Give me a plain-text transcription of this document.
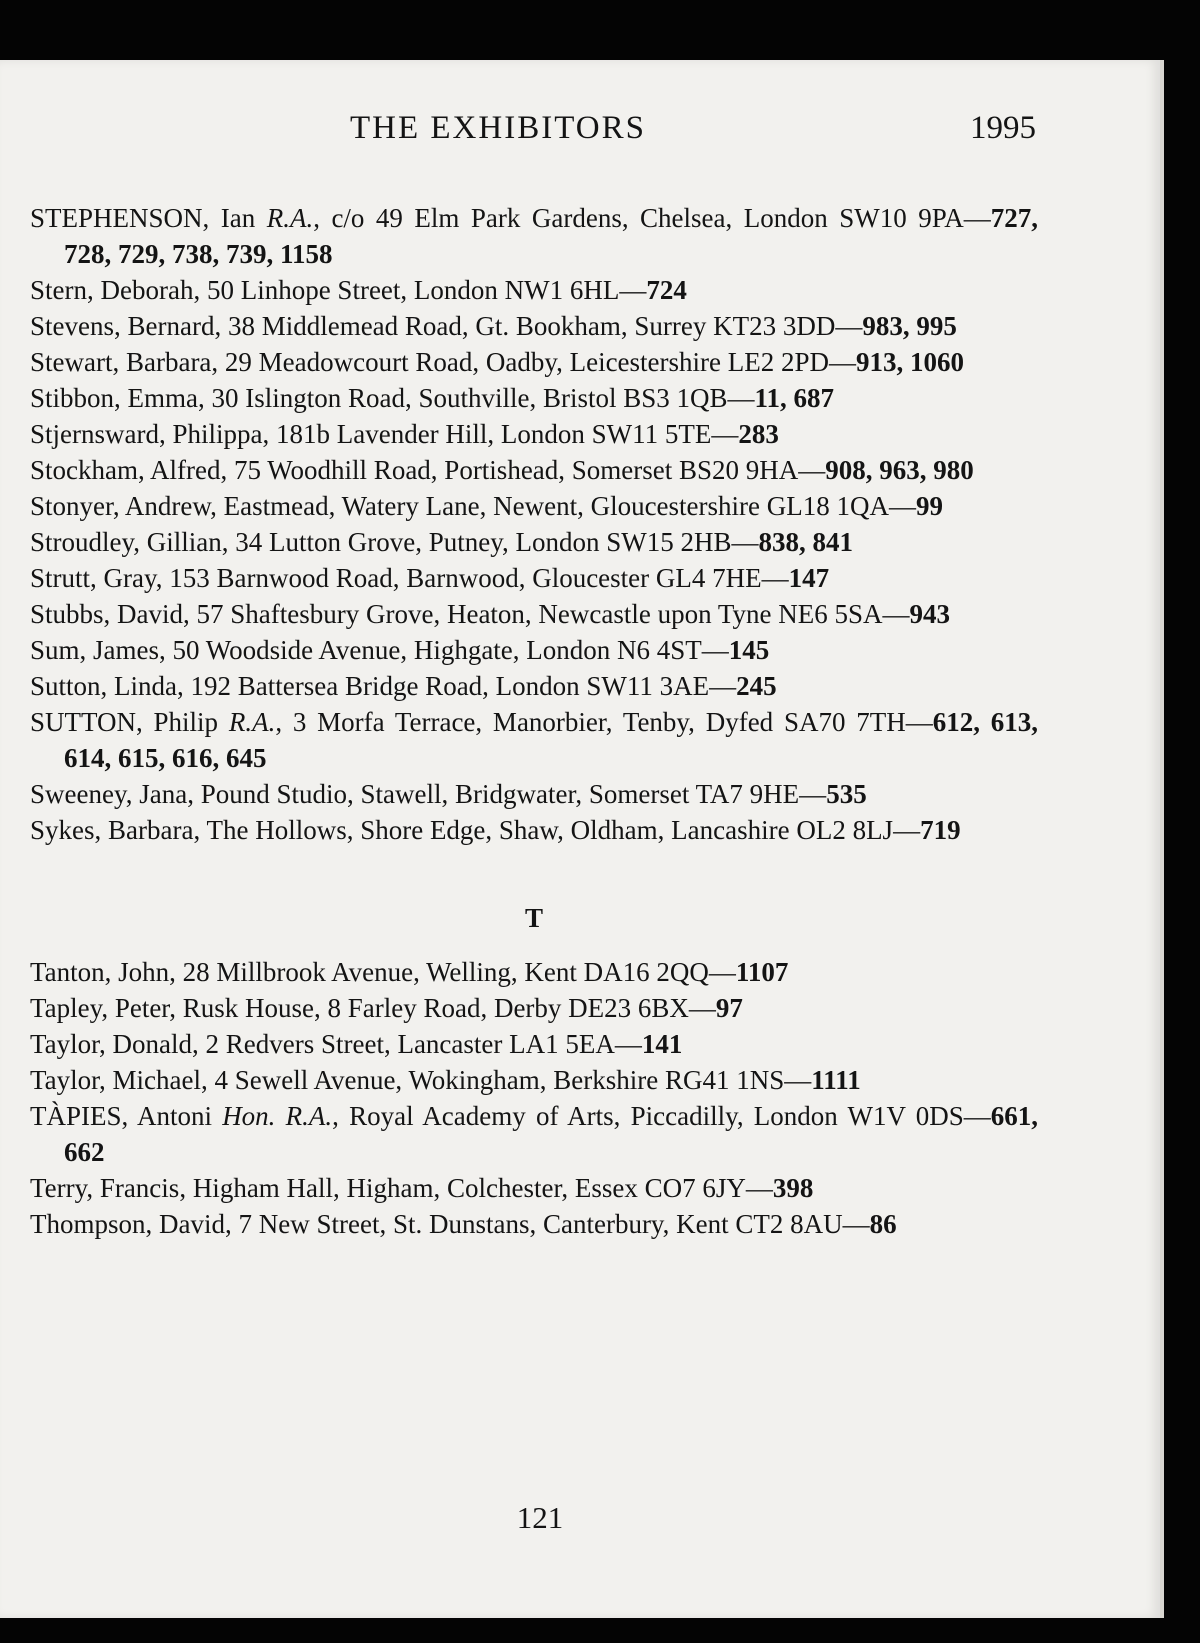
THE EXHIBITORS	1995
STEPHENSON, Ian R.A., c/o 49 Elm Park Gardens, Chelsea, London SW10 9PA—727, 728, 729, 738, 739, 1158
Stern, Deborah, 50 Linhope Street, London NW1 6HL—724
Stevens, Bernard, 38 Middlemead Road, Gt. Bookham, Surrey KT23 3DD—983, 995
Stewart, Barbara, 29 Meadowcourt Road, Oadby, Leicestershire LE2 2PD—913, 1060
Stibbon, Emma, 30 Islington Road, Southville, Bristol BS3 1QB—11, 687
Stjernsward, Philippa, 181b Lavender Hill, London SW11 5TE—283
Stockham, Alfred, 75 Woodhill Road, Portishead, Somerset BS20 9HA—908, 963, 980
Stonyer, Andrew, Eastmead, Watery Lane, Newent, Gloucestershire GL18 1QA—99
Stroudley, Gillian, 34 Lutton Grove, Putney, London SW15 2HB—838, 841
Strutt, Gray, 153 Barnwood Road, Barnwood, Gloucester GL4 7HE—147
Stubbs, David, 57 Shaftesbury Grove, Heaton, Newcastle upon Tyne NE6 5SA—943
Sum, James, 50 Woodside Avenue, Highgate, London N6 4ST—145
Sutton, Linda, 192 Battersea Bridge Road, London SW11 3AE—245
SUTTON, Philip R.A., 3 Morfa Terrace, Manorbier, Tenby, Dyfed SA70 7TH—612, 613, 614, 615, 616, 645
Sweeney, Jana, Pound Studio, Stawell, Bridgwater, Somerset TA7 9HE—535
Sykes, Barbara, The Hollows, Shore Edge, Shaw, Oldham, Lancashire OL2 8LJ—719
T
Tanton, John, 28 Millbrook Avenue, Welling, Kent DA16 2QQ—1107
Tapley, Peter, Rusk House, 8 Farley Road, Derby DE23 6BX—97
Taylor, Donald, 2 Redvers Street, Lancaster LA1 5EA—141
Taylor, Michael, 4 Sewell Avenue, Wokingham, Berkshire RG41 1NS—1111
TÀPIES, Antoni Hon. R.A., Royal Academy of Arts, Piccadilly, London W1V 0DS—661, 662
Terry, Francis, Higham Hall, Higham, Colchester, Essex CO7 6JY—398
Thompson, David, 7 New Street, St. Dunstans, Canterbury, Kent CT2 8AU—86
121
